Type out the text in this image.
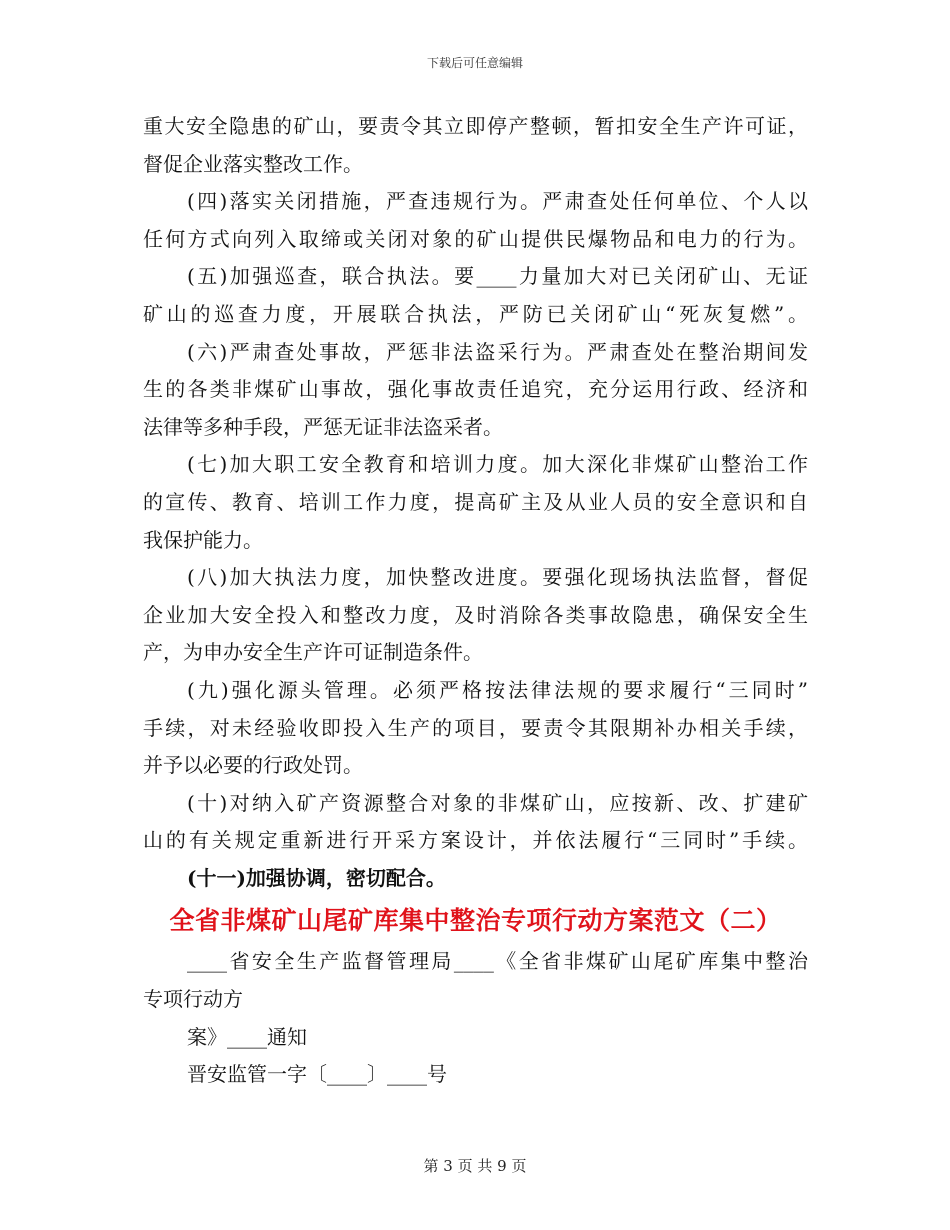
下载后可任意编辑
重大安全隐患的矿山，要责令其立即停产整顿，暂扣安全生产许可证，
督促企业落实整改工作。
(四)落实关闭措施，严查违规行为。严肃查处任何单位、个人以
任何方式向列入取缔或关闭对象的矿山提供民爆物品和电力的行为。
(五)加强巡查，联合执法。要____力量加大对已关闭矿山、无证
矿山的巡查力度，开展联合执法，严防已关闭矿山“死灰复燃”。
(六)严肃查处事故，严惩非法盗采行为。严肃查处在整治期间发
生的各类非煤矿山事故，强化事故责任追究，充分运用行政、经济和
法律等多种手段，严惩无证非法盗采者。
(七)加大职工安全教育和培训力度。加大深化非煤矿山整治工作
的宣传、教育、培训工作力度，提高矿主及从业人员的安全意识和自
我保护能力。
(八)加大执法力度，加快整改进度。要强化现场执法监督，督促
企业加大安全投入和整改力度，及时消除各类事故隐患，确保安全生
产，为申办安全生产许可证制造条件。
(九)强化源头管理。必须严格按法律法规的要求履行“三同时”
手续，对未经验收即投入生产的项目，要责令其限期补办相关手续，
并予以必要的行政处罚。
(十)对纳入矿产资源整合对象的非煤矿山，应按新、改、扩建矿
山的有关规定重新进行开采方案设计，并依法履行“三同时”手续。
(十一)加强协调，密切配合。
全省非煤矿山尾矿库集中整治专项行动方案范文（二）
____省安全生产监督管理局____《全省非煤矿山尾矿库集中整治
专项行动方
案》____通知
晋安监管一字〔____〕____号
第 3 页 共 9 页
